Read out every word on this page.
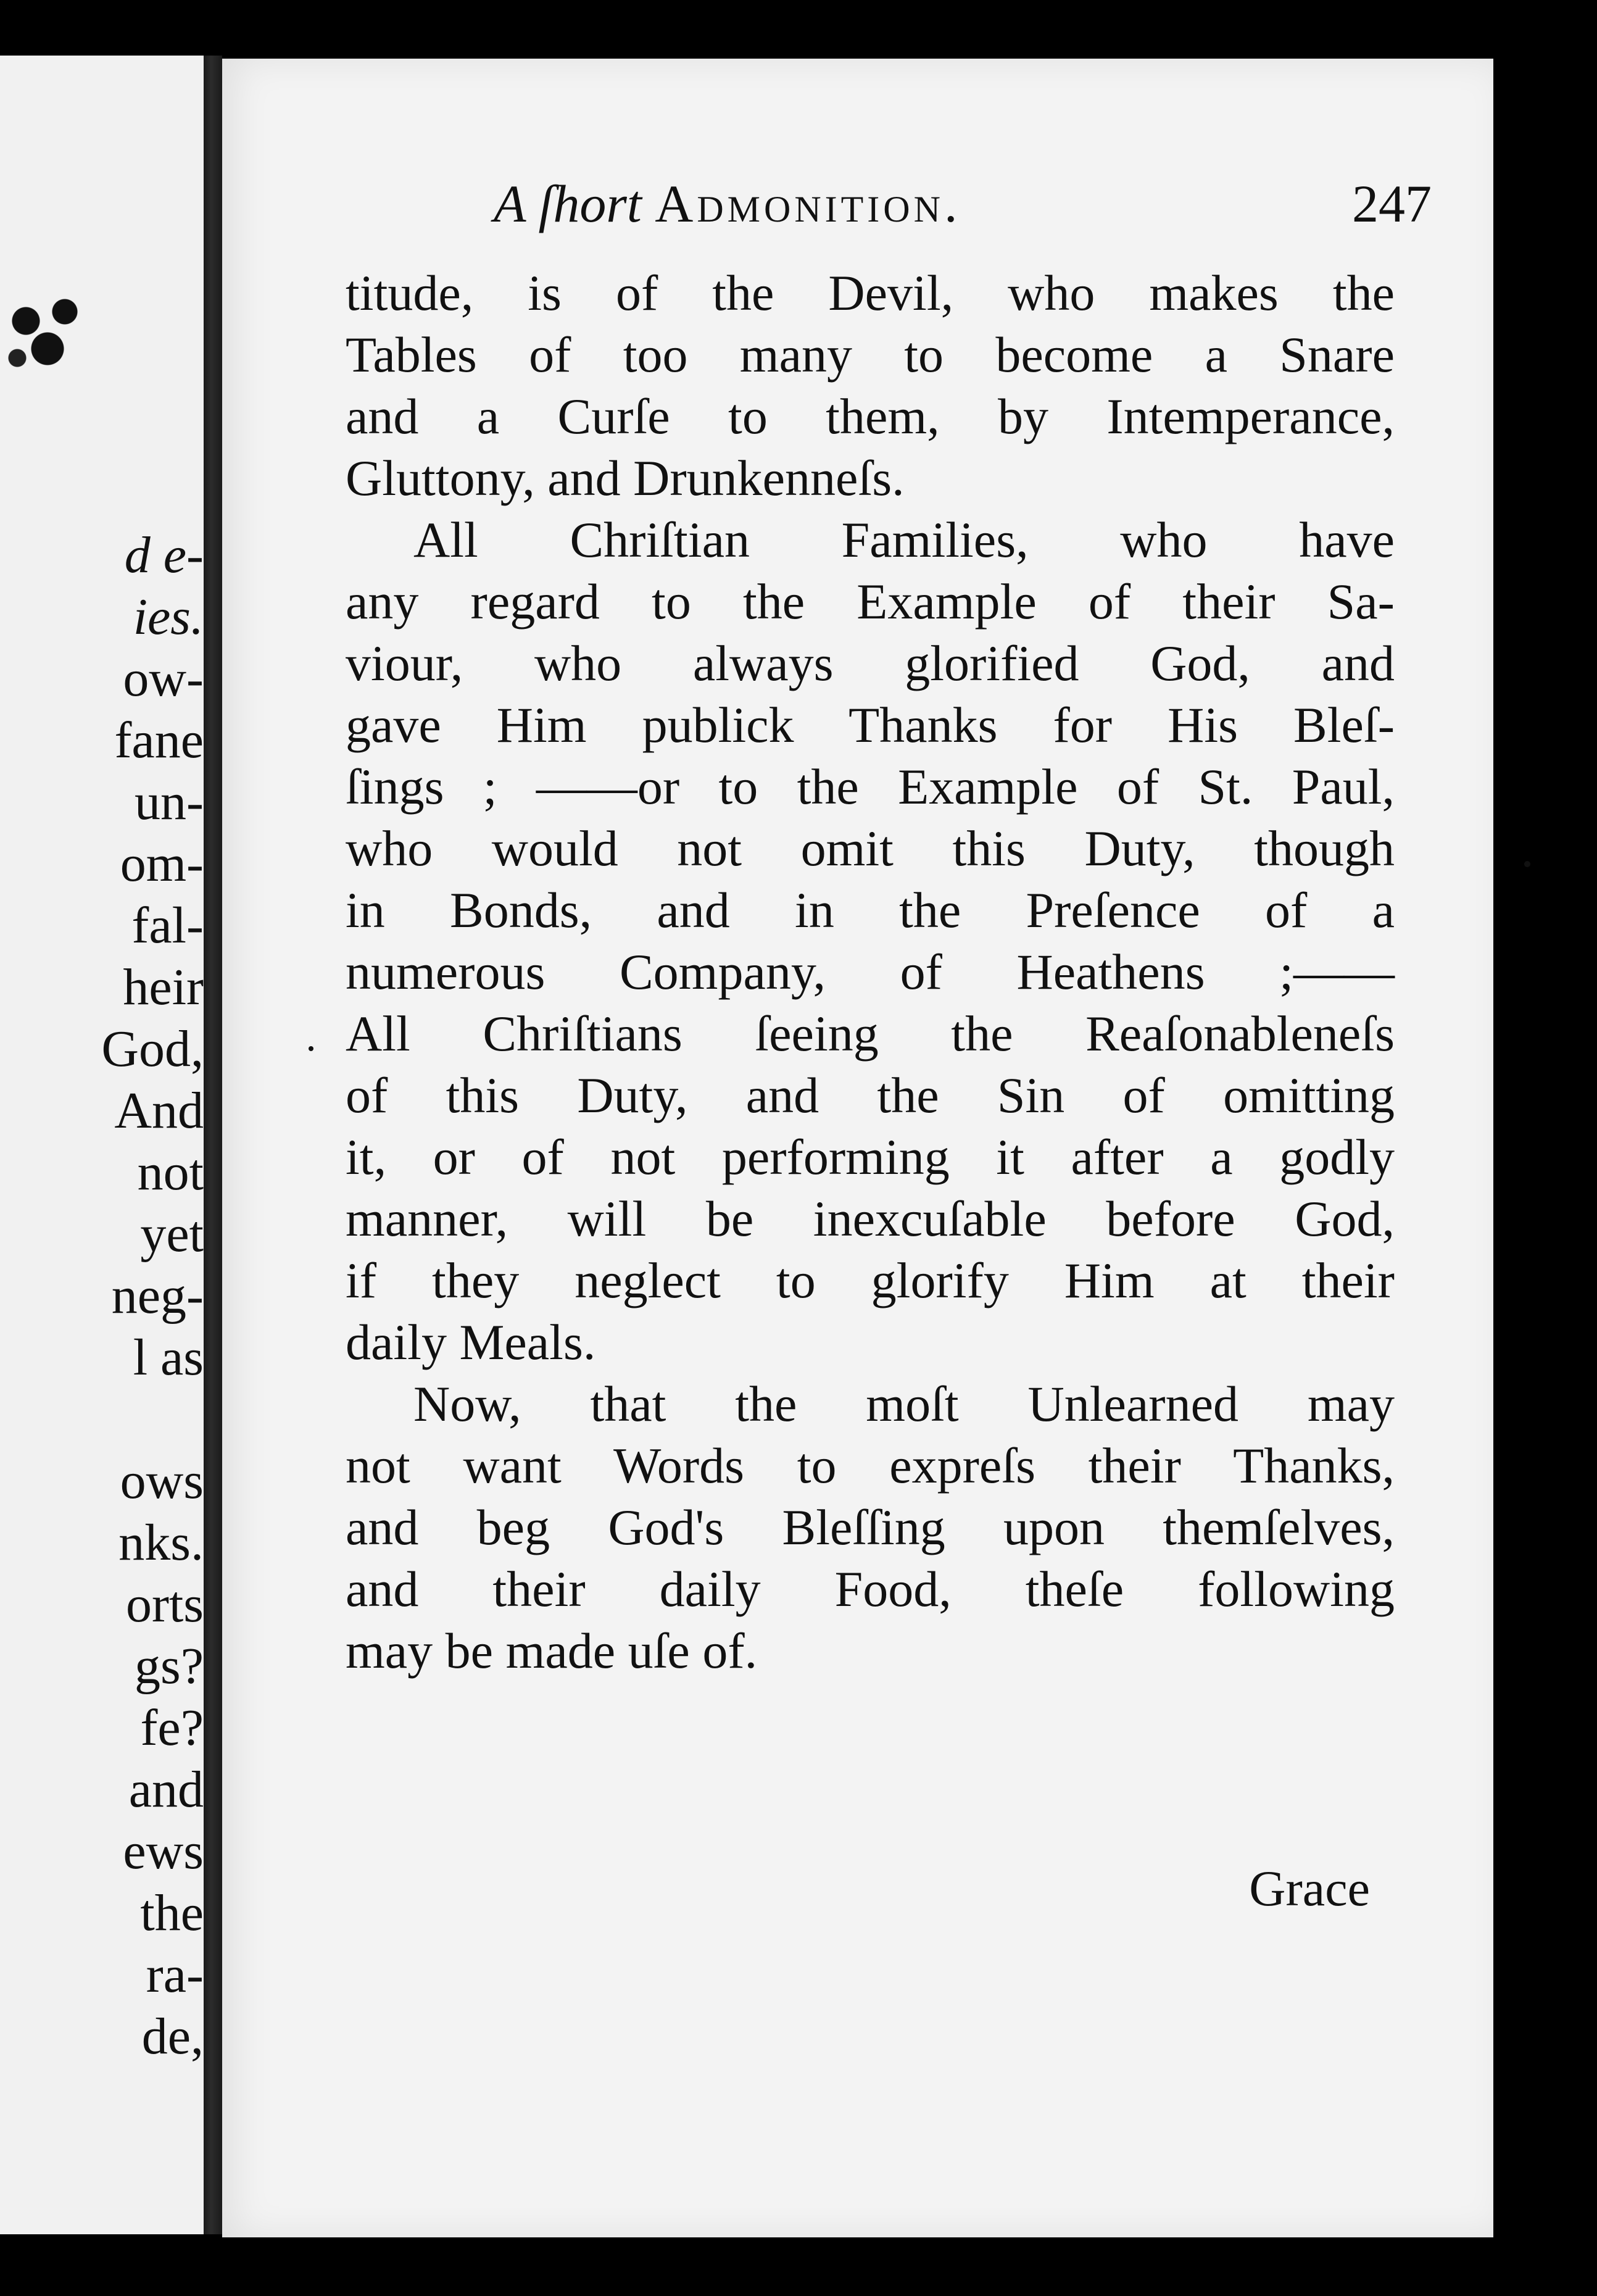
d e-
ies.
ow-
fane
un-
om-
fal-
heir
God,
And
not
yet
neg-
l as
ows
nks.
orts
gs?
fe?
and
ews
the
ra-
de,
A ſhort Admonition.	247
titude, is of the Devil, who makes the
Tables of too many to become a Snare
and a Curſe to them, by Intemperance,
Gluttony, and Drunkenneſs.
All Chriſtian Families, who have
any regard to the Example of their Sa-
viour, who always glorified God, and
gave Him publick Thanks for His Bleſ-
ſings ; ——or to the Example of St. Paul,
who would not omit this Duty, though
in Bonds, and in the Preſence of a
numerous Company, of Heathens ;——
All Chriſtians ſeeing the Reaſonableneſs
of this Duty, and the Sin of omitting
it, or of not performing it after a godly
manner, will be inexcuſable before God,
if they neglect to glorify Him at their
daily Meals.
Now, that the moſt Unlearned may
not want Words to expreſs their Thanks,
and beg God's Bleſſing upon themſelves,
and their daily Food, theſe following
may be made uſe of.
Grace
